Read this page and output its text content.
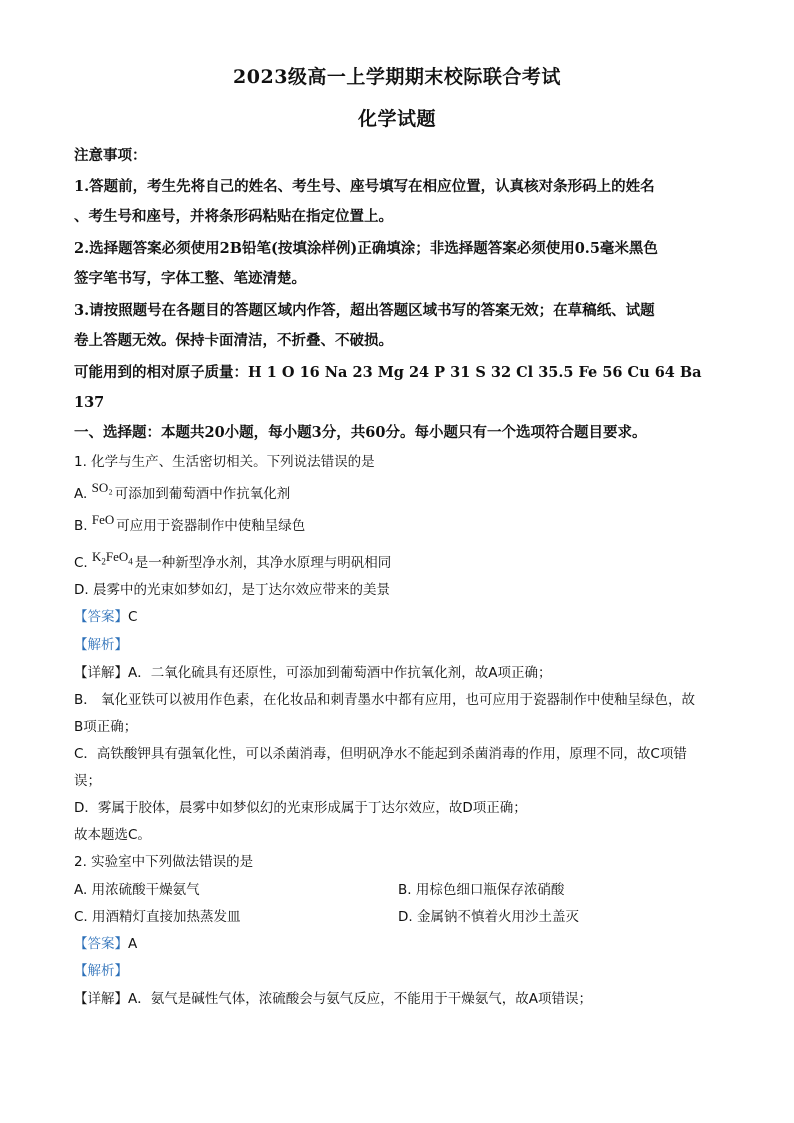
2023级高一上学期期末校际联合考试
化学试题
注意事项：
1.答题前，考生先将自己的姓名、考生号、座号填写在相应位置，认真核对条形码上的姓名
、考生号和座号，并将条形码粘贴在指定位置上。
2.选择题答案必须使用2B铅笔(按填涂样例)正确填涂；非选择题答案必须使用0.5毫米黑色
签字笔书写，字体工整、笔迹清楚。
3.请按照题号在各题目的答题区域内作答，超出答题区域书写的答案无效；在草稿纸、试题
卷上答题无效。保持卡面清洁，不折叠、不破损。
可能用到的相对原子质量：H 1 O 16 Na 23 Mg 24 P 31 S 32 Cl 35.5 Fe 56 Cu 64 Ba
137
一、选择题：本题共20小题，每小题3分，共60分。每小题只有一个选项符合题目要求。
1. 化学与生产、生活密切相关。下列说法错误的是
A. SO₂ 可添加到葡萄酒中作抗氧化剂
B. FeO 可应用于瓷器制作中使釉呈绿色
C. $K_2FeO_4$ 是一种新型净水剂，其净水原理与明矾相同
D. 晨雾中的光束如梦如幻，是丁达尔效应带来的美景
【答案】C
【解析】
【详解】A．二氧化硫具有还原性，可添加到葡萄酒中作抗氧化剂，故A项正确；
B． 氧化亚铁可以被用作色素，在化妆品和刺青墨水中都有应用，也可应用于瓷器制作中使釉呈绿色，故
B项正确；
C．高铁酸钾具有强氧化性，可以杀菌消毒，但明矾净水不能起到杀菌消毒的作用，原理不同，故C项错
误；
D．雾属于胶体，晨雾中如梦似幻的光束形成属于丁达尔效应，故D项正确；
故本题选C。
2. 实验室中下列做法错误的是
A. 用浓硫酸干燥氨气	B. 用棕色细口瓶保存浓硝酸
C. 用酒精灯直接加热蒸发皿	D. 金属钠不慎着火用沙土盖灭
【答案】A
【解析】
【详解】A．氨气是碱性气体，浓硫酸会与氨气反应，不能用于干燥氨气，故A项错误；
